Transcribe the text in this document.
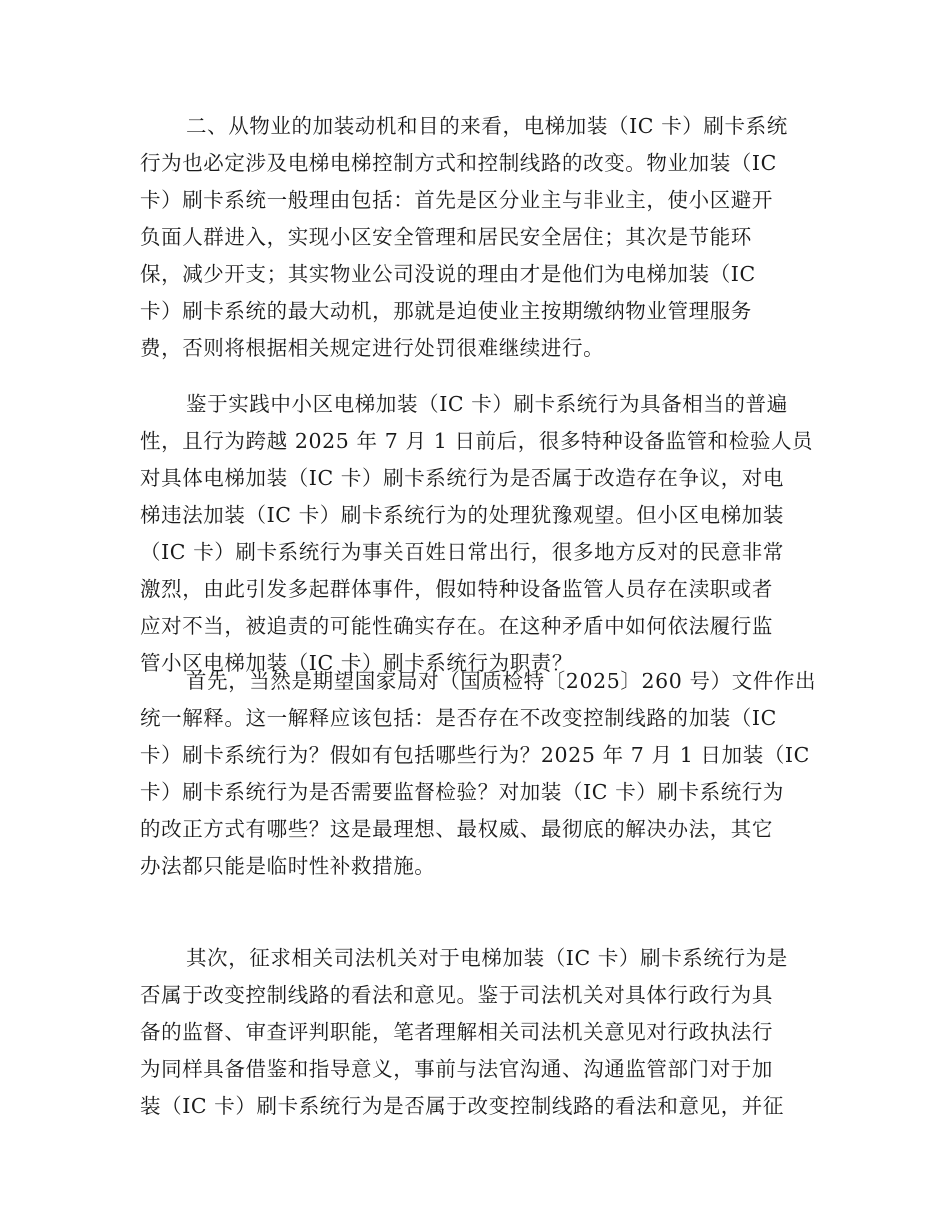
二、从物业的加装动机和目的来看，电梯加装（IC 卡）刷卡系统
行为也必定涉及电梯电梯控制方式和控制线路的改变。物业加装（IC
卡）刷卡系统一般理由包括：首先是区分业主与非业主，使小区避开
负面人群进入，实现小区安全管理和居民安全居住；其次是节能环
保，减少开支；其实物业公司没说的理由才是他们为电梯加装（IC
卡）刷卡系统的最大动机，那就是迫使业主按期缴纳物业管理服务
费，否则将根据相关规定进行处罚很难继续进行。
鉴于实践中小区电梯加装（IC 卡）刷卡系统行为具备相当的普遍
性，且行为跨越 2025 年 7 月 1 日前后，很多特种设备监管和检验人员
对具体电梯加装（IC 卡）刷卡系统行为是否属于改造存在争议，对电
梯违法加装（IC 卡）刷卡系统行为的处理犹豫观望。但小区电梯加装
（IC 卡）刷卡系统行为事关百姓日常出行，很多地方反对的民意非常
激烈，由此引发多起群体事件，假如特种设备监管人员存在渎职或者
应对不当，被追责的可能性确实存在。在这种矛盾中如何依法履行监
管小区电梯加装（IC 卡）刷卡系统行为职责？
首先，当然是期望国家局对（国质检特〔2025〕260 号）文件作出
统一解释。这一解释应该包括：是否存在不改变控制线路的加装（IC
卡）刷卡系统行为？假如有包括哪些行为？2025 年 7 月 1 日加装（IC
卡）刷卡系统行为是否需要监督检验？对加装（IC 卡）刷卡系统行为
的改正方式有哪些？这是最理想、最权威、最彻底的解决办法，其它
办法都只能是临时性补救措施。
其次，征求相关司法机关对于电梯加装（IC 卡）刷卡系统行为是
否属于改变控制线路的看法和意见。鉴于司法机关对具体行政行为具
备的监督、审查评判职能，笔者理解相关司法机关意见对行政执法行
为同样具备借鉴和指导意义，事前与法官沟通、沟通监管部门对于加
装（IC 卡）刷卡系统行为是否属于改变控制线路的看法和意见，并征
